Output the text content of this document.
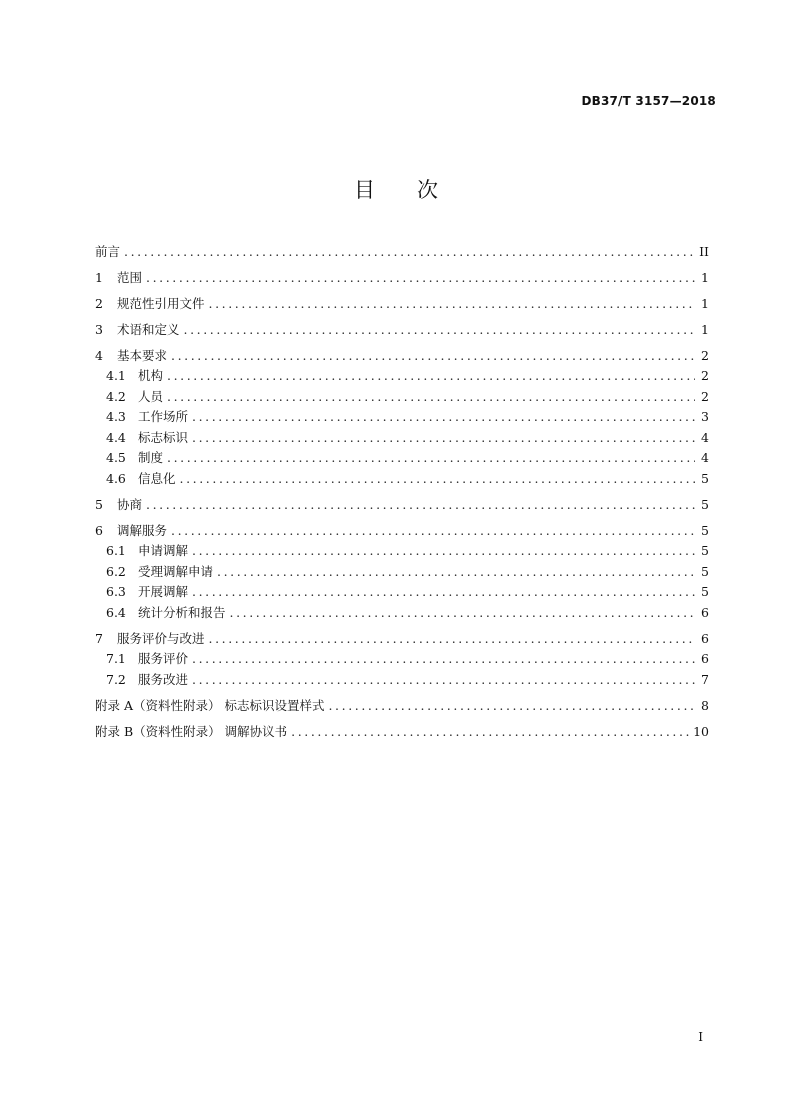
DB37/T 3157—2018
目次
前言 .....	II
1	范围 .....	1
2	规范性引用文件 .....	1
3	术语和定义 .....	1
4	基本要求 .....	2
4.1 机构 .....	2
4.2 人员 .....	2
4.3 工作场所 .....	3
4.4 标志标识 .....	4
4.5 制度 .....	4
4.6 信息化 .....	5
5	协商 .....	5
6	调解服务 .....	5
6.1 申请调解 .....	5
6.2 受理调解申请 .....	5
6.3 开展调解 .....	5
6.4 统计分析和报告 .....	6
7	服务评价与改进 .....	6
7.1 服务评价 .....	6
7.2 服务改进 .....	7
附录 A（资料性附录） 标志标识设置样式 .....	8
附录 B（资料性附录） 调解协议书 .....	10
I
